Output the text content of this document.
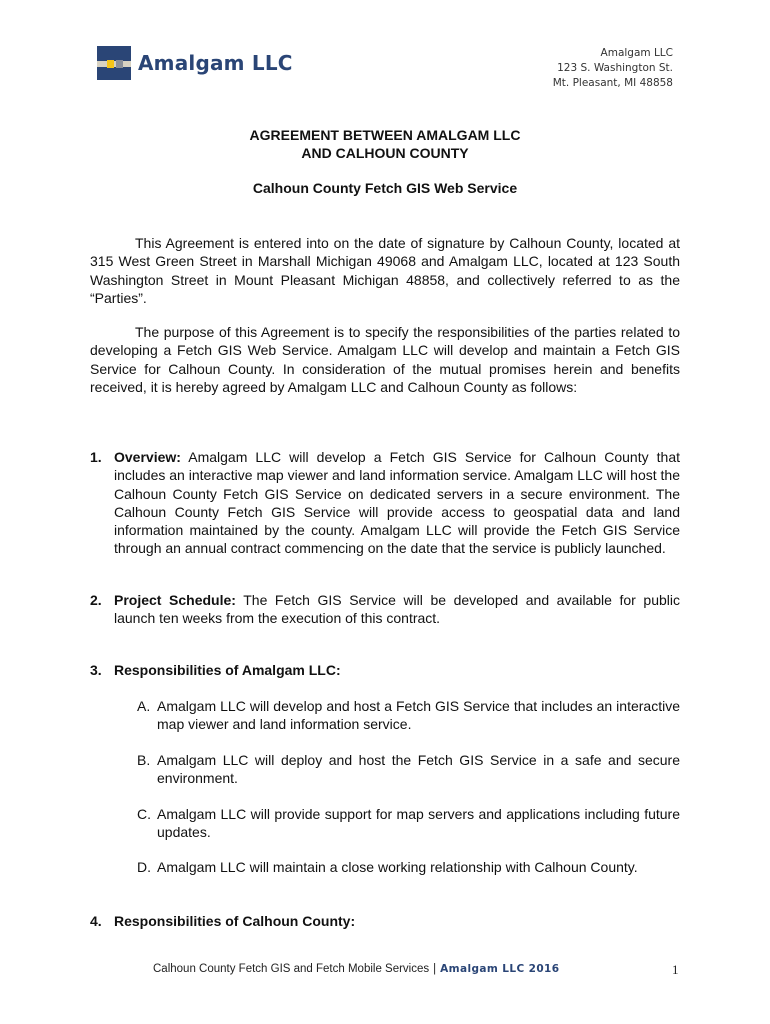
Amalgam LLC	Amalgam LLC
123 S. Washington St.
Mt. Pleasant, MI 48858
AGREEMENT BETWEEN AMALGAM LLC
AND CALHOUN COUNTY
Calhoun County Fetch GIS Web Service
This Agreement is entered into on the date of signature by Calhoun County, located at 315 West Green Street in Marshall Michigan 49068 and Amalgam LLC, located at 123 South Washington Street in Mount Pleasant Michigan 48858, and collectively referred to as the “Parties”.
The purpose of this Agreement is to specify the responsibilities of the parties related to developing a Fetch GIS Web Service. Amalgam LLC will develop and maintain a Fetch GIS Service for Calhoun County. In consideration of the mutual promises herein and benefits received, it is hereby agreed by Amalgam LLC and Calhoun County as follows:
1. Overview: Amalgam LLC will develop a Fetch GIS Service for Calhoun County that includes an interactive map viewer and land information service. Amalgam LLC will host the Calhoun County Fetch GIS Service on dedicated servers in a secure environment. The Calhoun County Fetch GIS Service will provide access to geospatial data and land information maintained by the county. Amalgam LLC will provide the Fetch GIS Service through an annual contract commencing on the date that the service is publicly launched.
2. Project Schedule: The Fetch GIS Service will be developed and available for public launch ten weeks from the execution of this contract.
3. Responsibilities of Amalgam LLC:
A. Amalgam LLC will develop and host a Fetch GIS Service that includes an interactive map viewer and land information service.
B. Amalgam LLC will deploy and host the Fetch GIS Service in a safe and secure environment.
C. Amalgam LLC will provide support for map servers and applications including future updates.
D. Amalgam LLC will maintain a close working relationship with Calhoun County.
4. Responsibilities of Calhoun County:
Calhoun County Fetch GIS and Fetch Mobile Services | Amalgam LLC 2016	1
